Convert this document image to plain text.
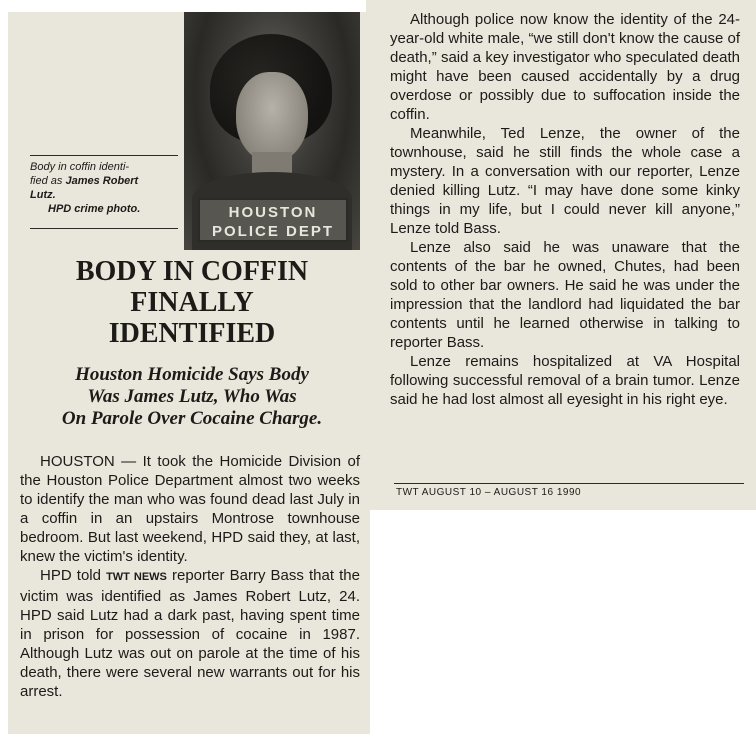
HOUSTON
POLICE DEPT
Body in coffin identi-
fied as James Robert
Lutz.
HPD crime photo.
BODY IN COFFIN
FINALLY
IDENTIFIED
Houston Homicide Says Body
Was James Lutz, Who Was
On Parole Over Cocaine Charge.

HOUSTON — It took the Homicide Division of the Houston Police Department almost two weeks to identify the man who was found dead last July in a coffin in an upstairs Montrose townhouse bedroom. But last weekend, HPD said they, at last, knew the victim's identity.

HPD told TWT NEWS reporter Barry Bass that the victim was identified as James Robert Lutz, 24. HPD said Lutz had a dark past, having spent time in prison for possession of cocaine in 1987. Although Lutz was out on parole at the time of his death, there were several new warrants out for his arrest.

Although police now know the identity of the 24-year-old white male, “we still don't know the cause of death,” said a key investigator who speculated death might have been caused accidentally by a drug overdose or possibly due to suffocation inside the coffin.

Meanwhile, Ted Lenze, the owner of the townhouse, said he still finds the whole case a mystery. In a conversation with our reporter, Lenze denied killing Lutz. “I may have done some kinky things in my life, but I could never kill anyone,” Lenze told Bass.

Lenze also said he was unaware that the contents of the bar he owned, Chutes, had been sold to other bar owners. He said he was under the impression that the landlord had liquidated the bar contents until he learned otherwise in talking to reporter Bass.

Lenze remains hospitalized at VA Hospital following successful removal of a brain tumor. Lenze said he had lost almost all eyesight in his right eye.

TWT AUGUST 10 – AUGUST 16 1990
